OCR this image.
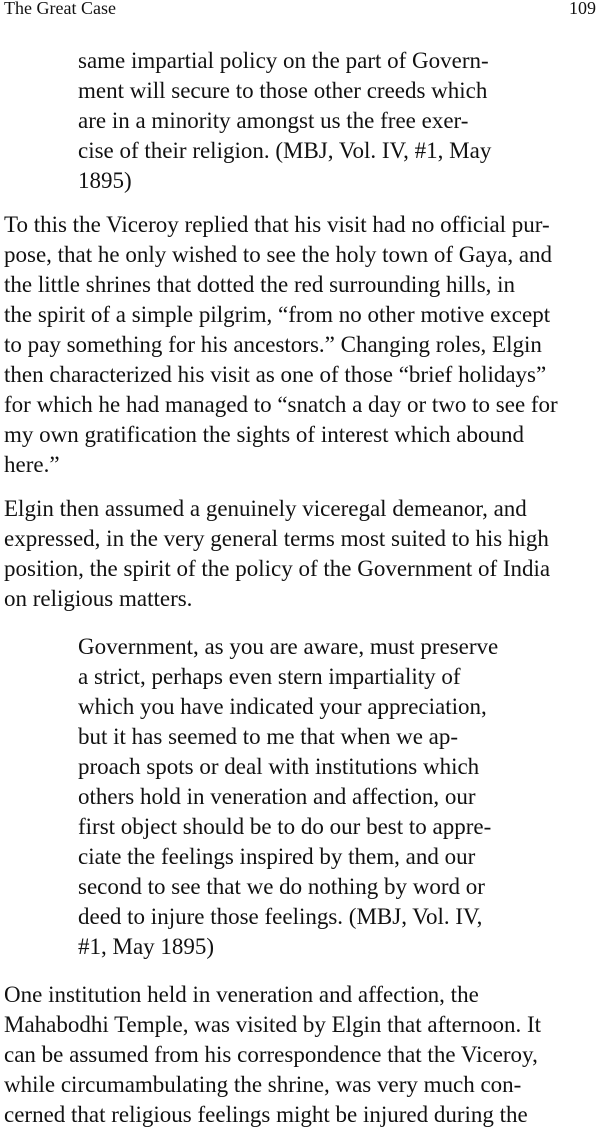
The Great Case	109

same impartial policy on the part of Govern-
ment will secure to those other creeds which
are in a minority amongst us the free exer-
cise of their religion. (MBJ, Vol. IV, #1, May
1895)

To this the Viceroy replied that his visit had no official pur-
pose, that he only wished to see the holy town of Gaya, and
the little shrines that dotted the red surrounding hills, in
the spirit of a simple pilgrim, “from no other motive except
to pay something for his ancestors.” Changing roles, Elgin
then characterized his visit as one of those “brief holidays”
for which he had managed to “snatch a day or two to see for
my own gratification the sights of interest which abound
here.”

Elgin then assumed a genuinely viceregal demeanor, and
expressed, in the very general terms most suited to his high
position, the spirit of the policy of the Government of India
on religious matters.

Government, as you are aware, must preserve
a strict, perhaps even stern impartiality of
which you have indicated your appreciation,
but it has seemed to me that when we ap-
proach spots or deal with institutions which
others hold in veneration and affection, our
first object should be to do our best to appre-
ciate the feelings inspired by them, and our
second to see that we do nothing by word or
deed to injure those feelings. (MBJ, Vol. IV,
#1, May 1895)

One institution held in veneration and affection, the
Mahabodhi Temple, was visited by Elgin that afternoon. It
can be assumed from his correspondence that the Viceroy,
while circumambulating the shrine, was very much con-
cerned that religious feelings might be injured during the
